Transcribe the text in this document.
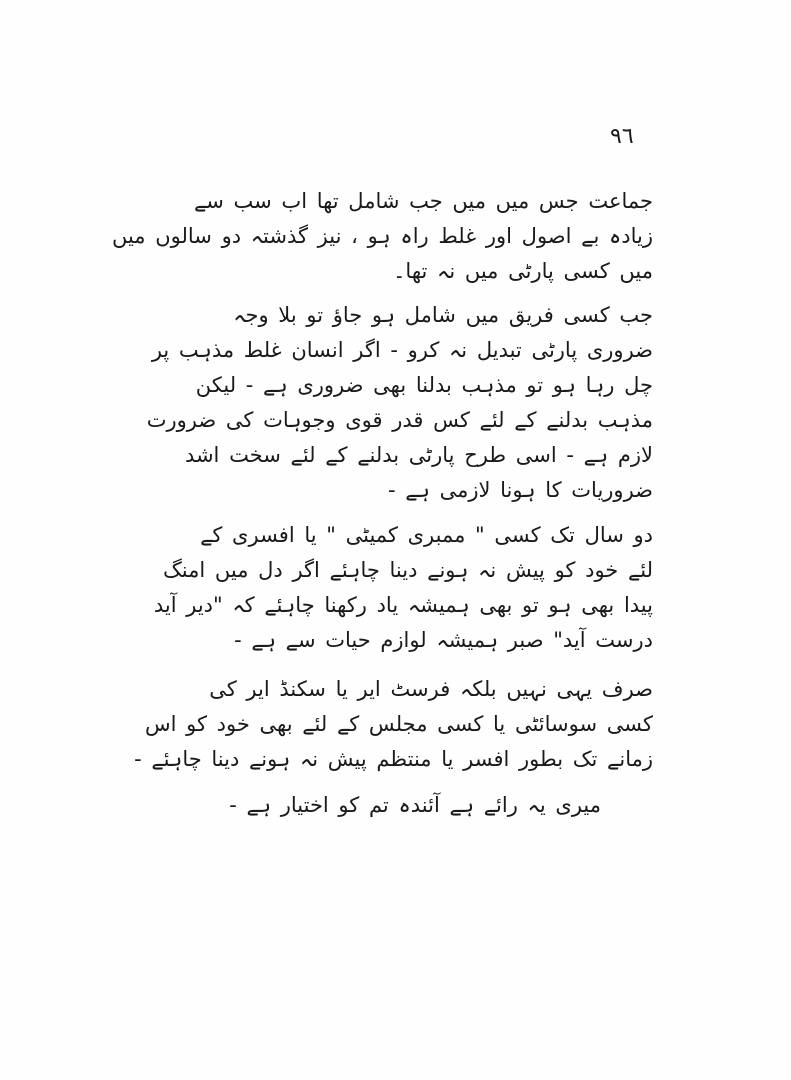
٩٦
جماعت جس میں میں جب شامل تھا اب سب سے
زیادہ بے اصول اور غلط راہ ہو ، نیز گذشتہ دو سالوں میں
میں کسی پارٹی میں نہ تھا۔
جب کسی فریق میں شامل ہو جاؤ تو بلا وجہ
ضروری پارٹی تبدیل نہ کرو - اگر انسان غلط مذہب پر
چل رہا ہو تو مذہب بدلنا بھی ضروری ہے - لیکن
مذہب بدلنے کے لئے کس قدر قوی وجوہات کی ضرورت
لازم ہے - اسی طرح پارٹی بدلنے کے لئے سخت اشد
ضروریات کا ہونا لازمی ہے -
دو سال تک کسی " ممبری کمیٹی " یا افسری کے
لئے خود کو پیش نہ ہونے دینا چاہئے اگر دل میں امنگ
پیدا بھی ہو تو بھی ہمیشہ یاد رکھنا چاہئے کہ "دیر آید
درست آید" صبر ہمیشہ لوازم حیات سے ہے -
صرف یہی نہیں بلکہ فرسٹ ایر یا سکنڈ ایر کی
کسی سوسائٹی یا کسی مجلس کے لئے بھی خود کو اس
زمانے تک بطور افسر یا منتظم پیش نہ ہونے دینا چاہئے -
میری یہ رائے ہے آئندہ تم کو اختیار ہے -
